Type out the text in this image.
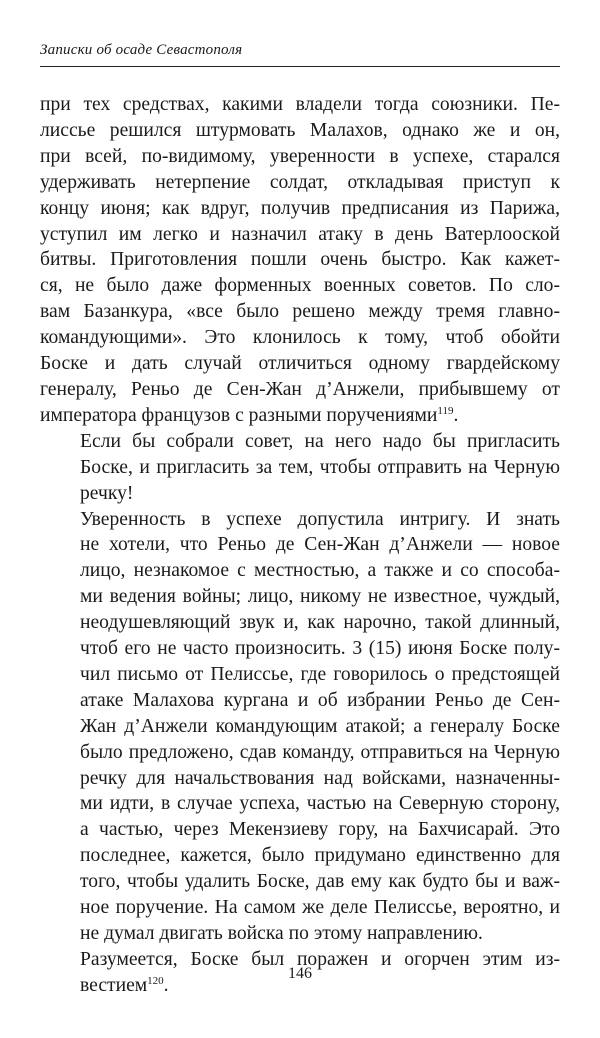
Записки об осаде Севастополя

при тех средствах, какими владели тогда союзники. Пе-
лиссье решился штурмовать Малахов, однако же и он,
при всей, по-видимому, уверенности в успехе, старался
удерживать нетерпение солдат, откладывая приступ к
концу июня; как вдруг, получив предписания из Парижа,
уступил им легко и назначил атаку в день Ватерлооской
битвы. Приготовления пошли очень быстро. Как кажет-
ся, не было даже форменных военных советов. По сло-
вам Базанкура, «все было решено между тремя главно-
командующими». Это клонилось к тому, чтоб обойти
Боске и дать случай отличиться одному гвардейскому
генералу, Реньо де Сен-Жан д’Анжели, прибывшему от
императора французов с разными поручениями$^{119}$.

Если бы собрали совет, на него надо бы пригласить
Боске, и пригласить за тем, чтобы отправить на Черную
речку!

Уверенность в успехе допустила интригу. И знать
не хотели, что Реньо де Сен-Жан д’Анжели — новое
лицо, незнакомое с местностью, а также и со способа-
ми ведения войны; лицо, никому не известное, чуждый,
неодушевляющий звук и, как нарочно, такой длинный,
чтоб его не часто произносить. 3 (15) июня Боске полу-
чил письмо от Пелиссье, где говорилось о предстоящей
атаке Малахова кургана и об избрании Реньо де Сен-
Жан д’Анжели командующим атакой; а генералу Боске
было предложено, сдав команду, отправиться на Черную
речку для начальствования над войсками, назначенны-
ми идти, в случае успеха, частью на Северную сторону,
а частью, через Мекензиеву гору, на Бахчисарай. Это
последнее, кажется, было придумано единственно для
того, чтобы удалить Боске, дав ему как будто бы и важ-
ное поручение. На самом же деле Пелиссье, вероятно, и
не думал двигать войска по этому направлению.

Разумеется, Боске был поражен и огорчен этим из-
вестием$^{120}$.

146
